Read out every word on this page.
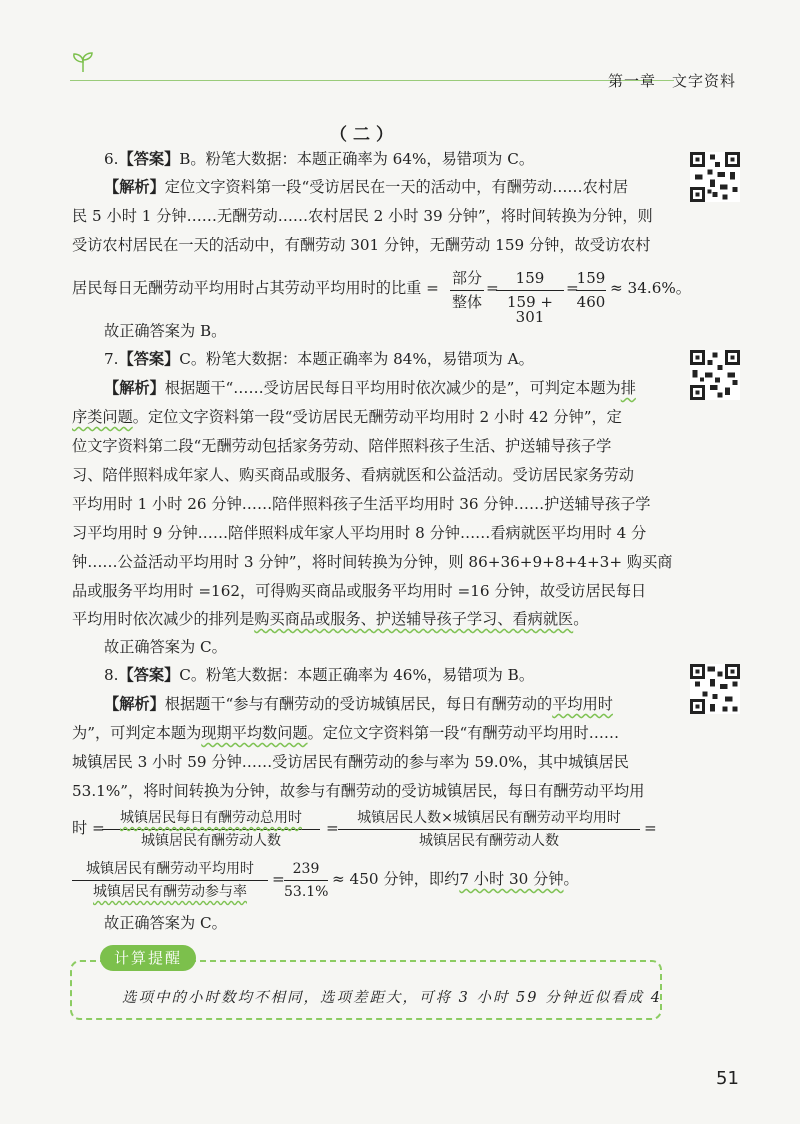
第一章 文字资料
（二）
6.【答案】B。粉笔大数据：本题正确率为 64%，易错项为 C。
【解析】定位文字资料第一段“受访居民在一天的活动中，有酬劳动……农村居
民 5 小时 1 分钟……无酬劳动……农村居民 2 小时 39 分钟”，将时间转换为分钟，则
受访农村居民在一天的活动中，有酬劳动 301 分钟，无酬劳动 159 分钟，故受访农村
居民每日无酬劳动平均用时占其劳动平均用时的比重 =
部分
整体
=
$\frac{159}{159 + 301}$ =
$\frac{159}{460} \approx 34.6\%$。
故正确答案为 B。
7.【答案】C。粉笔大数据：本题正确率为 84%，易错项为 A。
【解析】根据题干“……受访居民每日平均用时依次减少的是”，可判定本题为排
序类问题。定位文字资料第一段“受访居民无酬劳动平均用时 2 小时 42 分钟”，定
位文字资料第二段“无酬劳动包括家务劳动、陪伴照料孩子生活、护送辅导孩子学
习、陪伴照料成年家人、购买商品或服务、看病就医和公益活动。受访居民家务劳动
平均用时 1 小时 26 分钟……陪伴照料孩子生活平均用时 36 分钟……护送辅导孩子学
习平均用时 9 分钟……陪伴照料成年家人平均用时 8 分钟……看病就医平均用时 4 分
钟……公益活动平均用时 3 分钟”，将时间转换为分钟，则 86+36+9+8+4+3+ 购买商
品或服务平均用时 =162，可得购买商品或服务平均用时 =16 分钟，故受访居民每日
平均用时依次减少的排列是购买商品或服务、护送辅导孩子学习、看病就医。
故正确答案为 C。
8.【答案】C。粉笔大数据：本题正确率为 46%，易错项为 B。
【解析】根据题干“参与有酬劳动的受访城镇居民，每日有酬劳动的平均用时
为”，可判定本题为现期平均数问题。定位文字资料第一段“有酬劳动平均用时……
城镇居民 3 小时 59 分钟……受访居民有酬劳动的参与率为 59.0%，其中城镇居民
53.1%”，将时间转换为分钟，故参与有酬劳动的受访城镇居民，每日有酬劳动平均用
时 =
城镇居民每日有酬劳动总用时
城镇居民有酬劳动人数
=
城镇居民人数×城镇居民有酬劳动平均用时
城镇居民有酬劳动人数
=
城镇居民有酬劳动平均用时
城镇居民有酬劳动参与率
= $\frac{239}{53.1\%} \approx 450$ 分钟，即约7 小时 30 分钟。
故正确答案为 C。
计算提醒
选项中的小时数均不相同，选项差距大，可将 3 小时 59 分钟近似看成 4
51
